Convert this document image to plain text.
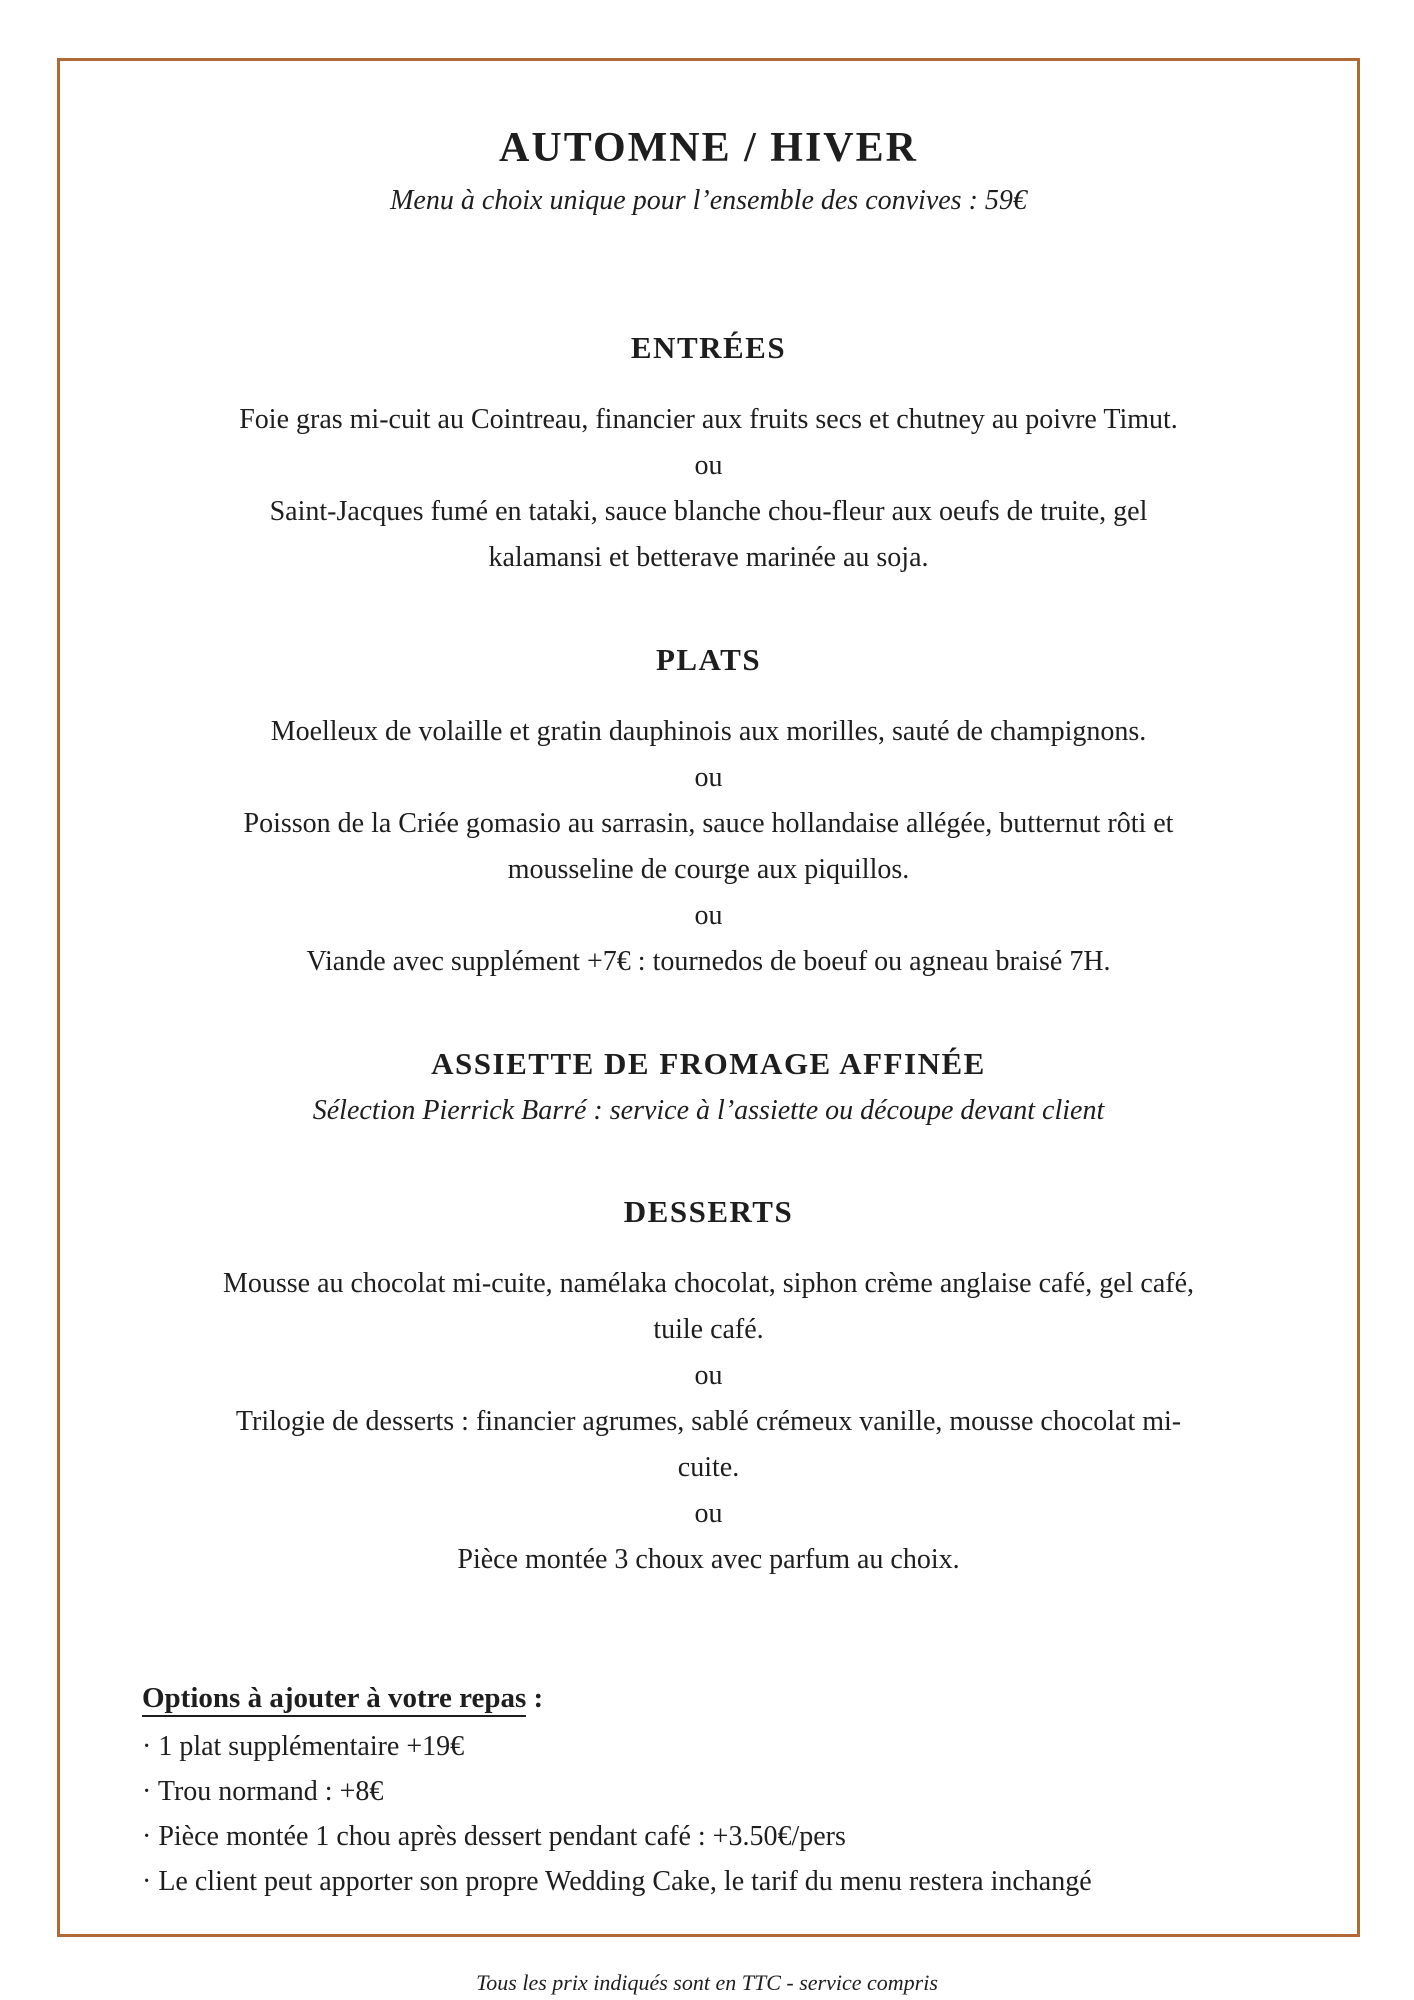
AUTOMNE / HIVER

Menu à choix unique pour l’ensemble des convives : 59€

ENTRÉES

Foie gras mi-cuit au Cointreau, financier aux fruits secs et chutney au poivre Timut.

ou

Saint-Jacques fumé en tataki, sauce blanche chou-fleur aux oeufs de truite, gel

kalamansi et betterave marinée au soja.

PLATS

Moelleux de volaille et gratin dauphinois aux morilles, sauté de champignons.

ou

Poisson de la Criée gomasio au sarrasin, sauce hollandaise allégée, butternut rôti et

mousseline de courge aux piquillos.

ou

Viande avec supplément +7€ : tournedos de boeuf ou agneau braisé 7H.

ASSIETTE DE FROMAGE AFFINÉE

Sélection Pierrick Barré : service à l’assiette ou découpe devant client

DESSERTS

Mousse au chocolat mi-cuite, namélaka chocolat, siphon crème anglaise café, gel café,

tuile café.

ou

Trilogie de desserts : financier agrumes, sablé crémeux vanille, mousse chocolat mi-

cuite.

ou

Pièce montée 3 choux avec parfum au choix.

Options à ajouter à votre repas :

· 1 plat supplémentaire +19€

· Trou normand : +8€

· Pièce montée 1 chou après dessert pendant café : +3.50€/pers

· Le client peut apporter son propre Wedding Cake, le tarif du menu restera inchangé

Tous les prix indiqués sont en TTC - service compris
